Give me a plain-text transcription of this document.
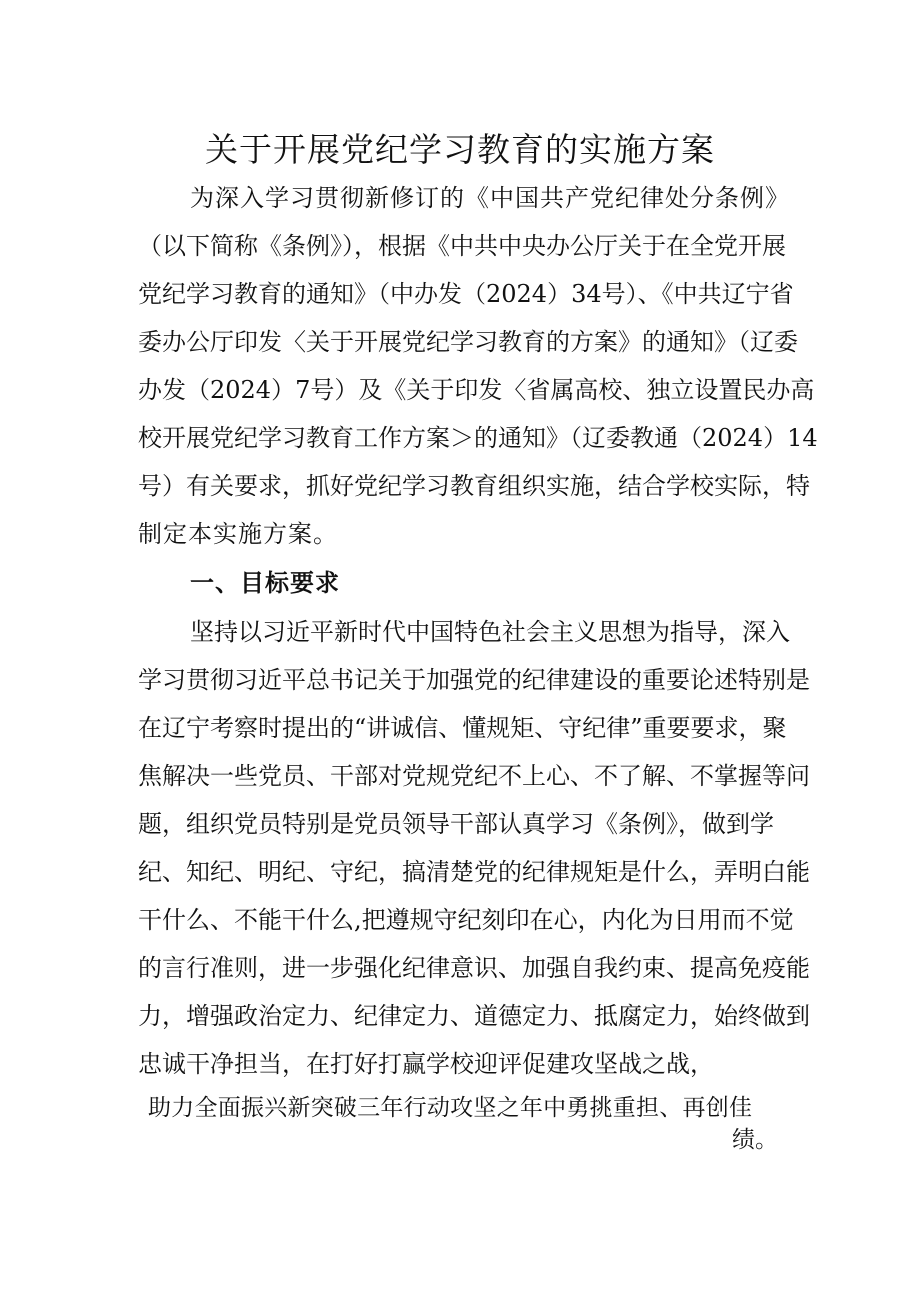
关于开展党纪学习教育的实施方案
为深入学习贯彻新修订的《中国共产党纪律处分条例》
（以下简称《条例》），根据《中共中央办公厅关于在全党开展
党纪学习教育的通知》（中办发（2024）34号）、《中共辽宁省
委办公厅印发〈关于开展党纪学习教育的方案》的通知》（辽委
办发（2024）7号）及《关于印发〈省属高校、独立设置民办高
校开展党纪学习教育工作方案＞的通知》（辽委教通（2024）14
号）有关要求，抓好党纪学习教育组织实施，结合学校实际，特
制定本实施方案。
一、目标要求
坚持以习近平新时代中国特色社会主义思想为指导，深入
学习贯彻习近平总书记关于加强党的纪律建设的重要论述特别是
在辽宁考察时提出的“讲诚信、懂规矩、守纪律”重要要求，聚
焦解决一些党员、干部对党规党纪不上心、不了解、不掌握等问
题，组织党员特别是党员领导干部认真学习《条例》，做到学
纪、知纪、明纪、守纪，搞清楚党的纪律规矩是什么，弄明白能
干什么、不能干什么,把遵规守纪刻印在心，内化为日用而不觉
的言行准则，进一步强化纪律意识、加强自我约束、提高免疫能
力，增强政治定力、纪律定力、道德定力、抵腐定力，始终做到
忠诚干净担当，在打好打赢学校迎评促建攻坚战之战，
助力全面振兴新突破三年行动攻坚之年中勇挑重担、再创佳
绩。
